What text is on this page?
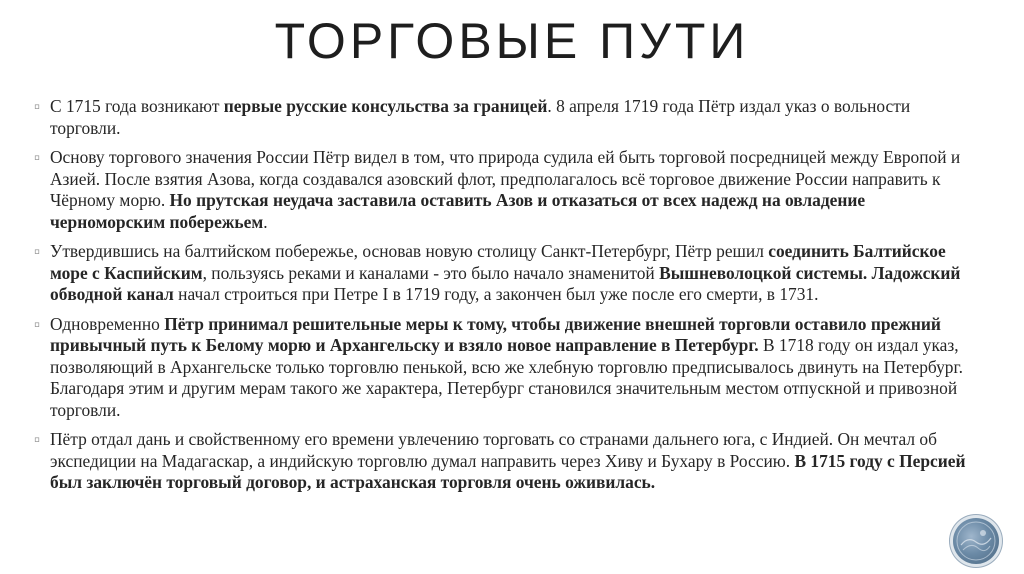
ТОРГОВЫЕ ПУТИ
▫ С 1715 года возникают первые русские консульства за границей. 8 апреля 1719 года Пётр издал указ о вольности торговли.
▫ Основу торгового значения России Пётр видел в том, что природа судила ей быть торговой посредницей между Европой и Азией. После взятия Азова, когда создавался азовский флот, предполагалось всё торговое движение России направить к Чёрному морю. Но прутская неудача заставила оставить Азов и отказаться от всех надежд на овладение черноморским побережьем.
▫ Утвердившись на балтийском побережье, основав новую столицу Санкт-Петербург, Пётр решил соединить Балтийское море с Каспийским, пользуясь реками и каналами - это было начало знаменитой Вышневолоцкой системы. Ладожский обводной канал начал строиться при Петре I в 1719 году, а закончен был уже после его смерти, в 1731.
▫ Одновременно Пётр принимал решительные меры к тому, чтобы движение внешней торговли оставило прежний привычный путь к Белому морю и Архангельску и взяло новое направление в Петербург. В 1718 году он издал указ, позволяющий в Архангельске только торговлю пенькой, всю же хлебную торговлю предписывалось двинуть на Петербург. Благодаря этим и другим мерам такого же характера, Петербург становился значительным местом отпускной и привозной торговли.
▫ Пётр отдал дань и свойственному его времени увлечению торговать со странами дальнего юга, с Индией. Он мечтал об экспедиции на Мадагаскар, а индийскую торговлю думал направить через Хиву и Бухару в Россию. В 1715 году с Персией был заключён торговый договор, и астраханская торговля очень оживилась.
